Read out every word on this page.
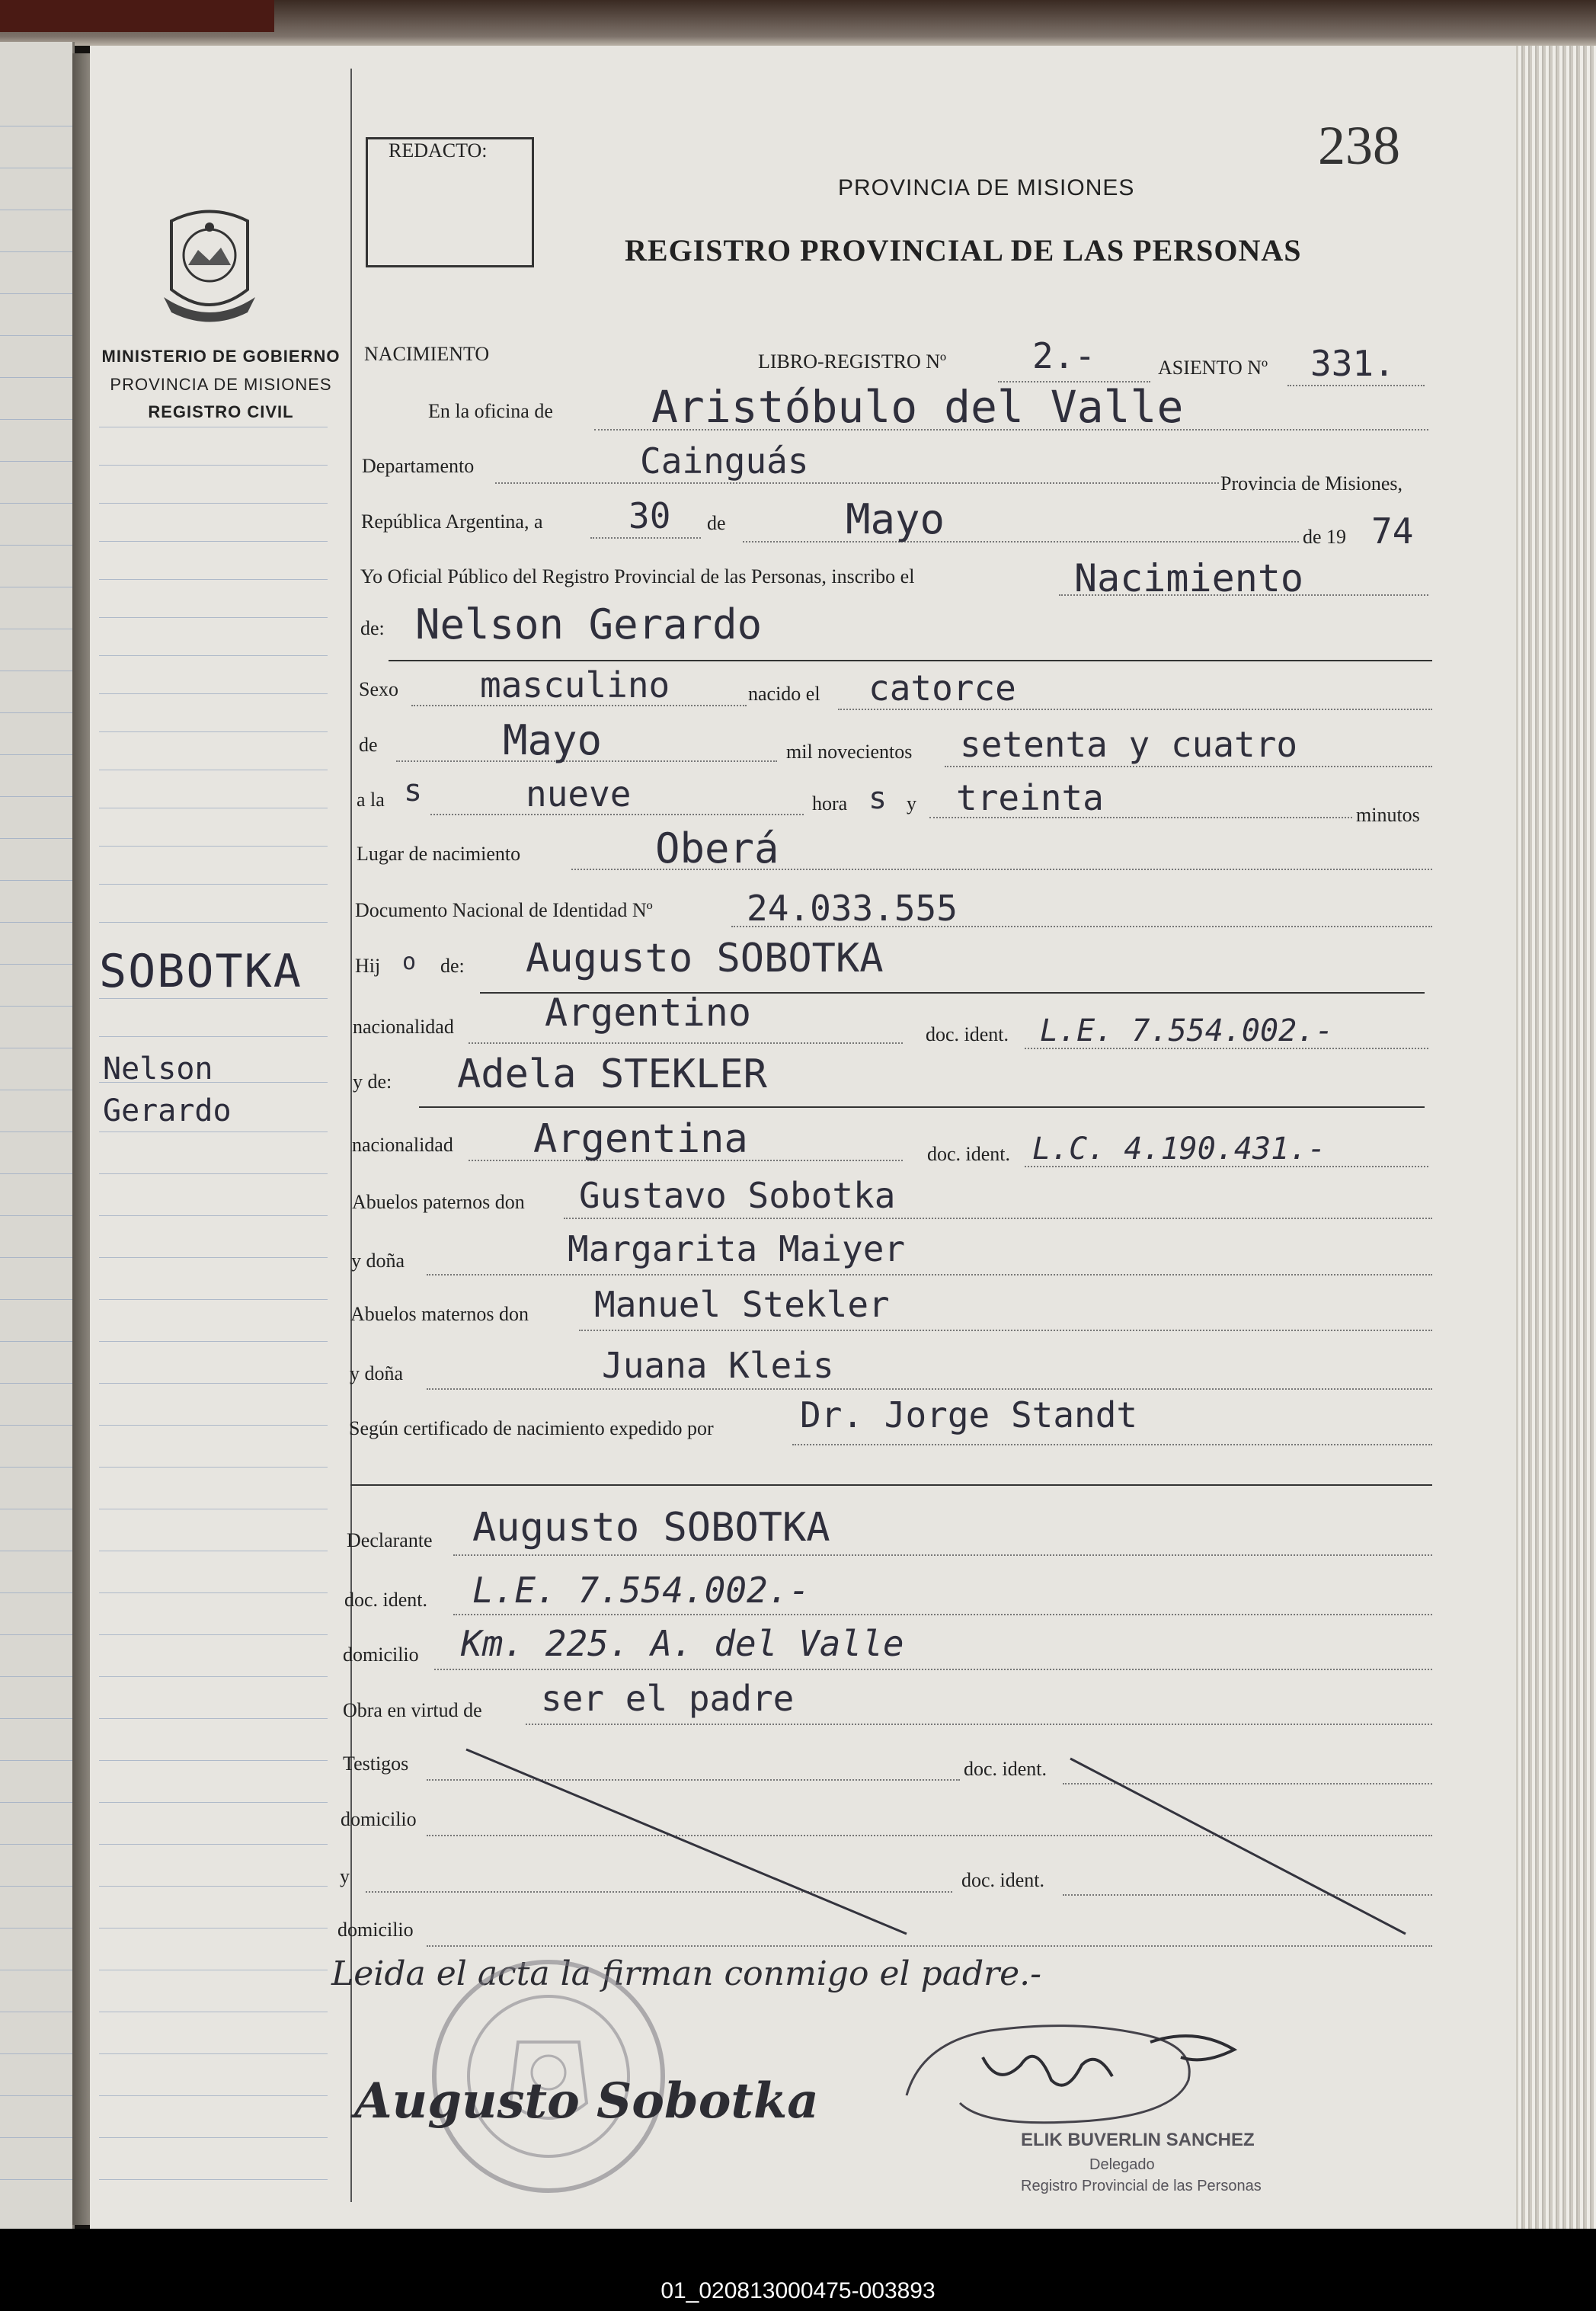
MINISTERIO DE GOBIERNO
PROVINCIA DE MISIONES
REGISTRO CIVIL
SOBOTKA
Nelson
Gerardo
REDACTO:	238
PROVINCIA DE MISIONES
REGISTRO PROVINCIAL DE LAS PERSONAS
NACIMIENTO	LIBRO-REGISTRO Nº 2.-	ASIENTO Nº 331.
En la oficina de Aristóbulo del Valle
Departamento	Cainguás
Provincia de Misiones,
República Argentina, a 30 de	Mayo	de 19 74
Yo Oficial Público del Registro Provincial de las Personas, inscribo el	Nacimiento
de: Nelson Gerardo
Sexo masculino	nacido el catorce
de	Mayo	mil novecientos setenta y cuatro
a la s	nueve	hora s y treinta	minutos
Lugar de nacimiento	Oberá
Documento Nacional de Identidad Nº	24.033.555
Hij o de: Augusto SOBOTKA
nacionalidad Argentino	doc. ident. L.E. 7.554.002.-
y de: Adela STEKLER
nacionalidad Argentina	doc. ident. L.C. 4.190.431.-
Abuelos paternos don Gustavo Sobotka
y doña	Margarita Maiyer
Abuelos maternos don Manuel Stekler
y doña	Juana Kleis
Según certificado de nacimiento expedido por Dr. Jorge Standt
Declarante Augusto SOBOTKA
doc. ident. L.E. 7.554.002.-
domicilio Km. 225. A. del Valle
Obra en virtud de ser el padre
Testigos	doc. ident.
domicilio
y	doc. ident.
domicilio
Leida el acta la firman conmigo el padre.-
Augusto Sobotka
ELIK BUVERLIN SANCHEZ
Delegado
Registro Provincial de las Personas
01_020813000475-003893
